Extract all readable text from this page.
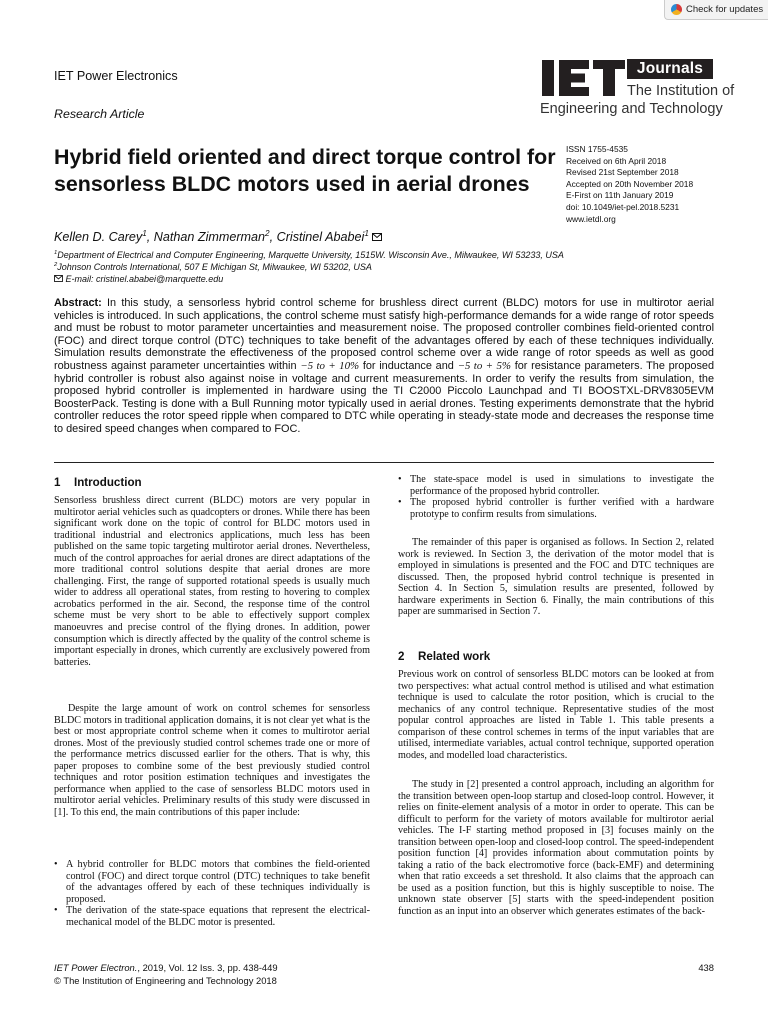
Check for updates
IET Power Electronics
Research Article
Journals
The Institution of
Engineering and Technology
Hybrid field oriented and direct torque control for sensorless BLDC motors used in aerial drones
ISSN 1755-4535
Received on 6th April 2018
Revised 21st September 2018
Accepted on 20th November 2018
E-First on 11th January 2019
doi: 10.1049/iet-pel.2018.5231
www.ietdl.org
Kellen D. Carey$^1$, Nathan Zimmerman$^2$, Cristinel Ababei$^1$
$^1$Department of Electrical and Computer Engineering, Marquette University, 1515W. Wisconsin Ave., Milwaukee, WI 53233, USA
$^2$Johnson Controls International, 507 E Michigan St, Milwaukee, WI 53202, USA
E-mail: cristinel.ababei@marquette.edu
Abstract: In this study, a sensorless hybrid control scheme for brushless direct current (BLDC) motors for use in multirotor aerial vehicles is introduced. In such applications, the control scheme must satisfy high-performance demands for a wide range of rotor speeds and must be robust to motor parameter uncertainties and measurement noise. The proposed controller combines field-oriented control (FOC) and direct torque control (DTC) techniques to take benefit of the advantages offered by each of these techniques individually. Simulation results demonstrate the effectiveness of the proposed control scheme over a wide range of rotor speeds as well as good robustness against parameter uncertainties within −5 to + 10% for inductance and −5 to + 5% for resistance parameters. The proposed hybrid controller is robust also against noise in voltage and current measurements. In order to verify the results from simulation, the proposed hybrid controller is implemented in hardware using the TI C2000 Piccolo Launchpad and TI BOOSTXL-DRV8305EVM BoosterPack. Testing is done with a Bull Running motor typically used in aerial drones. Testing experiments demonstrate that the hybrid controller reduces the rotor speed ripple when compared to DTC while operating in steady-state mode and decreases the response time to desired speed changes when compared to FOC.
1 Introduction

Sensorless brushless direct current (BLDC) motors are very popular in multirotor aerial vehicles such as quadcopters or drones. While there has been significant work done on the topic of control for BLDC motors used in traditional industrial and electronics applications, much less has been published on the same topic targeting multirotor aerial drones. Nevertheless, much of the control approaches for aerial drones are direct adaptations of the more traditional control solutions despite that aerial drones are more challenging. First, the range of supported rotational speeds is usually much wider to address all operational states, from resting to hovering to complex acrobatics performed in the air. Second, the response time of the control scheme must be very short to be able to effectively support complex manoeuvres and precise control of the flying drones. In addition, power consumption which is directly affected by the quality of the control scheme is important especially in drones, which currently are exclusively powered from batteries.

Despite the large amount of work on control schemes for sensorless BLDC motors in traditional application domains, it is not clear yet what is the best or most appropriate control scheme when it comes to multirotor aerial drones. Most of the previously studied control schemes trade one or more of the performance metrics discussed earlier for the others. That is why, this paper proposes to combine some of the best previously studied control techniques and rotor position estimation techniques and investigates the performance when applied to the case of sensorless BLDC motors used in multirotor aerial vehicles. Preliminary results of this study were discussed in [1]. To this end, the main contributions of this paper include:

• A hybrid controller for BLDC motors that combines the field-oriented control (FOC) and direct torque control (DTC) techniques to take benefit of the advantages offered by each of these techniques individually is proposed.
• The derivation of the state-space equations that represent the electrical-mechanical model of the BLDC motor is presented.
• The state-space model is used in simulations to investigate the performance of the proposed hybrid controller.
• The proposed hybrid controller is further verified with a hardware prototype to confirm results from simulations.

The remainder of this paper is organised as follows. In Section 2, related work is reviewed. In Section 3, the derivation of the motor model that is employed in simulations is presented and the FOC and DTC techniques are discussed. Then, the proposed hybrid control technique is presented in Section 4. In Section 5, simulation results are presented, followed by hardware experiments in Section 6. Finally, the main contributions of this paper are summarised in Section 7.

2 Related work

Previous work on control of sensorless BLDC motors can be looked at from two perspectives: what actual control method is utilised and what estimation technique is used to calculate the rotor position, which is crucial to the mechanics of any control technique. Representative studies of the most popular control approaches are listed in Table 1. This table presents a comparison of these control schemes in terms of the input variables that are utilised, intermediate variables, actual control technique, supported operation modes, and modelled load characteristics.

The study in [2] presented a control approach, including an algorithm for the transition between open-loop startup and closed-loop control. However, it relies on finite-element analysis of a motor in order to operate. This can be difficult to perform for the variety of motors available for multirotor aerial vehicles. The I-F starting method proposed in [3] focuses mainly on the transition between open-loop and closed-loop control. The speed-independent position function [4] provides information about commutation points by taking a ratio of the back electromotive force (back-EMF) and determining when that ratio exceeds a set threshold. It also claims that the approach can be used as a position function, but this is highly susceptible to noise. The unknown state observer [5] starts with the speed-independent position function as an input into an observer which generates estimates of the back-

IET Power Electron., 2019, Vol. 12 Iss. 3, pp. 438-449
© The Institution of Engineering and Technology 2018
438
